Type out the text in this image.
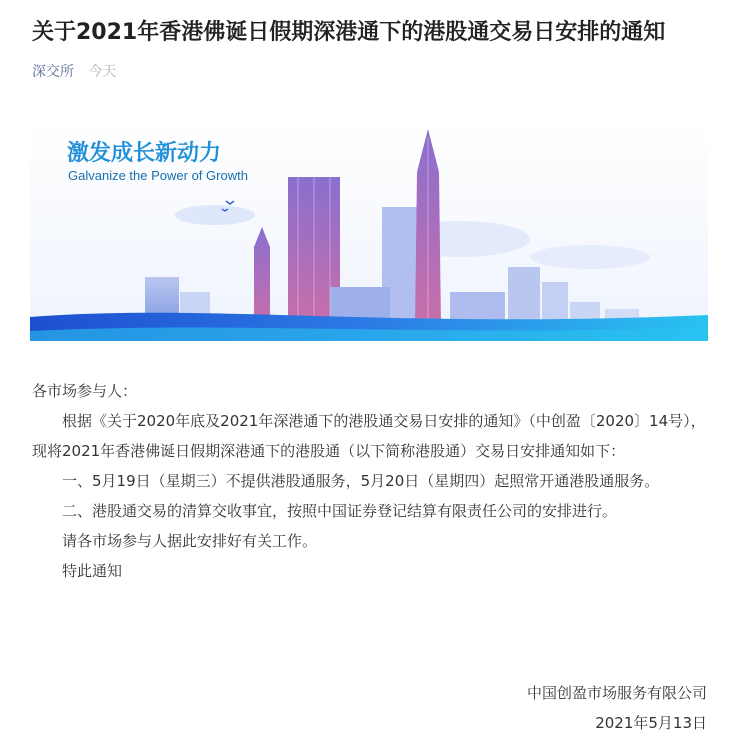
关于2021年香港佛诞日假期深港通下的港股通交易日安排的通知
深交所 今天
激发成长新动力
Galvanize the Power of Growth

各市场参与人：

根据《关于2020年底及2021年深港通下的港股通交易日安排的通知》（中创盈〔2020〕14号），现将2021年香港佛诞日假期深港通下的港股通（以下简称港股通）交易日安排通知如下：

一、5月19日（星期三）不提供港股通服务，5月20日（星期四）起照常开通港股通服务。

二、港股通交易的清算交收事宜，按照中国证券登记结算有限责任公司的安排进行。

请各市场参与人据此安排好有关工作。

特此通知

中国创盈市场服务有限公司

2021年5月13日
